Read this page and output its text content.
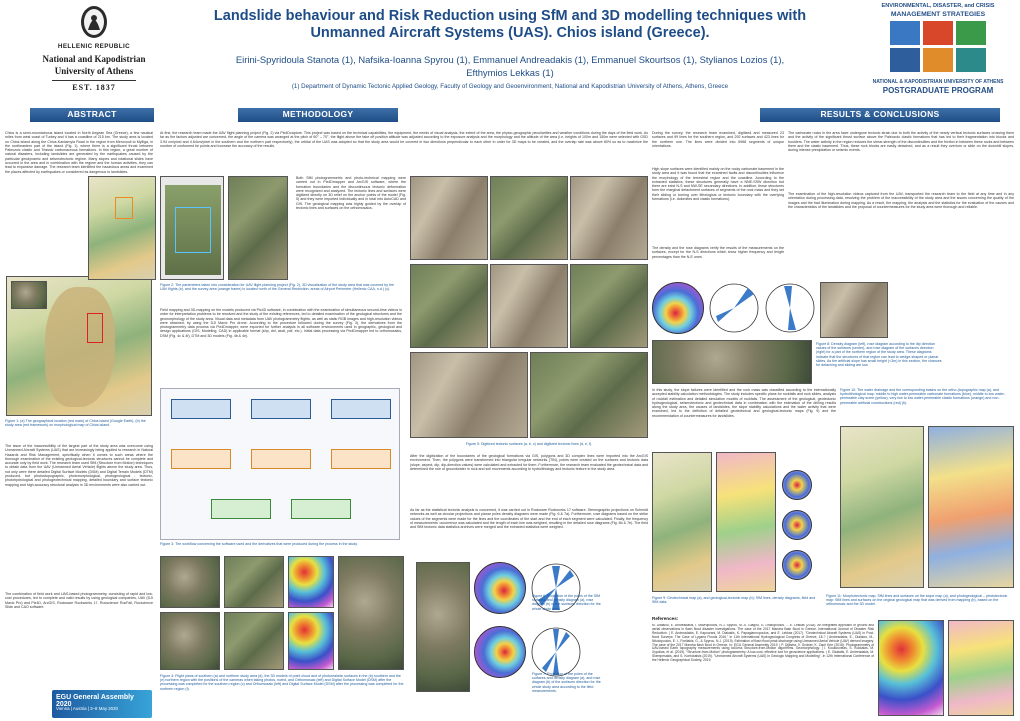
HELLENIC REPUBLIC
National and Kapodistrian
University of Athens
EST. 1837
Landslide behaviour and Risk Reduction using SfM and 3D modelling techniques with
Unmanned Aircraft Systems (UAS). Chios island (Greece).
Eirini-Spyridoula Stanota (1), Nafsika-Ioanna Spyrou (1), Emmanuel Andreadakis (1), Emmanuel Skourtsos (1), Stylianos Lozios (1),
Efthymios Lekkas (1)
(1) Department of Dynamic Tectonic Applied Geology, Faculty of Geology and Geoenvironment, National and Kapodistrian University of Athens, Athens, Greece
ENVIRONMENTAL, DISASTER, and CRISIS
MANAGEMENT STRATEGIES
NATIONAL & KAPODISTRIAN UNIVERSITY OF ATHENS
POSTGRADUATE PROGRAM
ABSTRACT	METHODOLOGY	RESULTS & CONCLUSIONS
Chios is a semi-mountainous island located in North Aegean Sea (Greece), a few nautical miles from west coast of Turkey and it has a coastline of 215 km. The study area is located on Chios island along the Chios-Kardamyla Road in the region from Merovouli to Mylliga, in the northeastern part of the island (Fig. 1), where there is a significant thrust between Paleozoic clastic and Triassic carbonaceous formations. In this region, a great number of natural disasters, including landslides are generated by the earthquakes caused by the particular geodynamic and seismotectonic regime. Many slopes and rotational slides have occurred in the area and in combination with the regime and the human activities, they can lead to expansive damage. The research team identified the hazardous areas and examined the places affected by earthquakes or considered as dangerous to landslides.
Figure 1: (a) The geographical location (red mark) of Chios island (Google Earth), (b) the study area (red framework) on morphological map of Chios island.
The issue of the inaccessibility of the largest part of the study area was overcome using Unmanned Aircraft Systems (UAS) that are increasingly being applied to research in Natural Hazards and Risk Management, specifically when it comes to such areas where the thorough examination of the existing geological-tectonic structures cannot be complete and accurate only by field work. The research team used SfM (Structure from Motion) techniques to obtain data from the UAV (Unmanned Aerial Vehicle) flights above the study area. Thus, not only were there detailed Digital Surface Models (DSM) and Digital Terrain Models (DTM) produced, but photostopographic, photomorphological, photogeological - tectonic, photohydrological and photogeotechnical mapping, detailed boundary and surface tectonic mapping and high-accuracy structural analysis in 3D environments were also carried out.
The combination of field work and UAS-based photogrammetry, consisting of rapid and low-cost procedures, led to complete and valid results by using geological companies, UAV (DJI Mavic Pro) and Pix4D, ArcGIS, Rockware Rockworks 17, Rocscience RocFall, Rocscience Slide and CAO software.
EGU General Assembly 2020
Vienna | Austria | 3–8 May 2020
At first, the research team made the UAV flight planning project (Fig. 2) via Pix4Dcapture. This project was based on the technical capabilities, the equipment, the needs of visual analysis, the extent of the area, the physio-geographic peculiarities and weather conditions during the days of the field work. As far as the factors adjusted are concerned, the angle of the camera was arranged at the pitch of 60° – 70°, the flight above the take off position altitude was adjusted according to the exposure analysis and the morphology and the altitude of the area (i.e. heights of 100m and 150m were selected with GSD 3.94 cm/pixel and 4.64cm/pixel in the southern and the northern part respectively), the orbital of the UAS was adopted so that the study area would be covered in two directions perpendicular to each other in order for 3D maps to be created, and the overlap rate was above 80% so as to maximize the number of conformed tie points and increase the accuracy of the results.
Figure 2: The parameters taken into consideration for UAV flight planning project (Fig. 2), 3D visualization of the study area that was covered by the UAV flights (b), and the survey area (orange frame) is located north of the General Restriction: areas of Airport Perimeter (Hellenic CAA, n.d.) (c).
Both SfM photogrammetric and photo-technical mapping were carried out in Pix4Dmapper and ArcGIS software, where the formation boundaries and the discontinuous tectonic deformation were recognized and analyzed. The tectonic lines and surfaces were digitized directly on 3D relief on the anchor points of the model (Fig. 5) and they were imported individually and in total into AutoCAD and GIS. The geological mapping was highly guided by the overlap of tectonic lines and surfaces on the orthomosaics.
Field mapping and 3D-mapping on the models produced via Pix4D software, in combination with the examination of simultaneous second-time videos in order for interpretation problems to be resolved and the study of the existing references, led to detailed examination of the geological structures and the geomorphology of the study area. Visual data and metadata from UAV photogrammetry flights, as well as static RGB images and high-resolution videos were obtained, by using the DJI Mavic Pro drone. According to the procedure followed during the survey (Fig. 3), the derivatives from the photogrammetry data process via Pix4Dmapper, were exported for further analysis in all software environments used in geographic, geological and design applications (GIS, Modeling, CAD) in applicable format (shp, dxf, ascii, pdf, etc.). Initial data processing via Pix4Dmapper led to orthomosaics, DSM (Fig. 4c & 4f), DTM and 3D models (Fig. 4b & 4e).
Figure 3: The workflow concerning the software used and the derivatives that were produced during the process in the study.
Figure 4: Flight plans of southern (a) and northern study area (d), the 3D models of point cloud and of photorealistic surfaces in the (b) southern and the (e) northern region with the positions of the cameras when taking photos, noted, and Orthomosaic (left) and Digital Surface Model (DSM) after the processing was completed for the southern region (c) and Orthomosaic (left) and Digital Surface Model (DSM) after the processing was completed for the northern region (f).
Figure 5: Digitized tectonic surfaces (a, b, c) and digitized tectonic lines (d, e, f).
After the digitization of the boundaries of the geological formations via GIS, polygons and 3D complex lines were imported into the ArcGIS environment. Then, the polygons were transformed into triangular irregular networks (TIN), points were created on the surfaces and tectonic data (slope, aspect, dip, dip-direction values) were calculated and extracted for them. Furthermore, the research team evaluated the geotechnical data and determined the role of groundwater in rock and soil movements according to hydrolithology and tectonic texture in the study area.
As far as the statistical tectonic analysis is concerned, it was carried out in Rockware Rockworks 17 software. Stereographic projections on Schmidt networks as well as circular projections and planar poles density diagrams were made (Fig. 6 & 7a). Furthermore, rose diagrams based on the strike values of the segments were made for the lines and the coordinates of the start and the end of each segment were calculated. Finally, the frequency of measurements' occurrence was calculated and the length of each line was weighed, resulting in the detailed rose diagrams (Fig. 6b & 7b). The field and SfM tectonic data statistics archives were merged and the extracted statistics were weighed.
Figure 6: Projection of the poles of the SfM surfaces and density diagram (a), rose diagram (b) of the surfaces direction for the whole study area.
Figure 7: Projection of the poles of the surfaces and density diagram (a), and rose diagram (b) of the surfaces direction for the whole study area according to the field measurements.
During the survey, the research team examined, digitized and measured 23 surfaces and 99 lines for the southern region, and 292 surfaces and 423 lines for the northern one. The lines were divided into 6968 segments of unique orientations.
High slope surfaces were identified mainly on the rocky carbonate basement in the study area and it was found that the examined faults and discontinuities influence the morphology of the terrestrial region and the coastline. According to the extracted statistics, these structures generally have a NNE-SSW direction but there are exist N-S and NW-SE secondary directions. In addition, these structures form the marginal detachment surfaces of segments of the rock mass and they set their sliding or turning over lithological or tectonic boundary with the overlying formations (i.e. dolomites and clastic formations).
The density and the rose diagrams verify the results of the measurements on the surfaces, except for the N-S directions which show higher frequency and length percentages than the N-E ones
The carbonate rocks in the area have undergone tectonic strain due to both the activity of the nearly vertical tectonic surfaces crossing them and the activity of the significant thrust surface above the Paleozoic clastic formations that has led to their fragmentation into blocks and boulders. The water activity in the region reduces the shear-strength of the discontinuities and the friction in between these rocks and between them and the clastic basement. Thus, these rock blocks are easily detached, and as a result they overturn or slide on the downhill slopes, during intense precipitation or seismic events.
The examination of the high-resolution videos captured from the UAV, transported the research team to the field at any time and in any orientation during processing data, resolving the problem of the inaccessibility of the study area and the issues concerning the quality of the images and the bad illumination during mapping. As a result, the mapping, the analysis and the statistics for the evaluation of the causes and the characteristics of the landslides and the proposal of countermeasures for the study area were thorough and reliable.
Figure 8: Density diagram (left), rose diagram according to the dip direction values of the surfaces (center), and rose diagram of the surfaces direction (right) for a part of the northern region of the study area. These diagrams indicate that the structures of that region can lead to wedge-shaped or planar slides. As the artificial slope has small height (<3m) in this section, the chances for detaching and sliding are low.
In this study, the slope failures were identified and the rock mass was classified according to the internationally accepted stability calculation methodologies. The study includes specific plans for rockfalls and rock slides, analysis of rockfall estimation and detailed simulation models of rockfalls. The assessment of the geological, geotectonic hydrogeological, seismotectonic and geotechnical data in combination with the estimation of the drilling results along the study area, the causes of landslides, the slope stability calculations and the water activity that were examined, led to the definition of detailed geotechnical and geological-tectonic maps (Fig. 9) and the recommendation of countermeasures for landslides.
Figure 9: Geotechnical map (a), and geological-tectonic map (b); SfM lines, density diagrams, field and SfM data.
Figure 10: The water drainage and the corresponding basins on the ortho-(topographic map (a), and hydrolithological map: middle to high water-permeable carbonate formations (blue), middle to low water-permeable clay scree (yellow), very low to low water-permeable clastic formations (orange) and non-permeable artificial constructions (red) (b).
Figure 11: Morphotectonic map, SfM lines and surfaces on the slope map (a), and photogeological – phototectonic map: SfM lines and surfaces on the original geological map that was derived from mapping (b), based on the orthomosaic and the 3D model.
References:
M. Dialaiou, E. Andreadakis, I. Mavropoulos, N.-I. Spyrou, M.-S. Giagou, G. Drakopoulos, ... E. Lekkas (2018). An integrated approach of ground and aerial observations in flash flood disaster investigations. The case of the 2017 Mandra flash flood in Greece. International Journal of Disaster Risk Reduction. | E. Andreadakis, E. Kapourani, M. Diakakis, K. Papagiannopoulos, and E. Lekkas (2017). "Geotechnical Aircraft Systems (UAS) in Post-flood Surveys: The Case of Lygaria Floods 2016," in 11th International Hydrogeological Congress of Greece, 18-? | Andreadakis, E., Dialaiou, M., Nikolopoulos, E. I., Foeliakis, G., & Spyrou, N.-I. (2019). Estimation of flash flood peak discharge using Unmanned Aerial Vehicle (UAV) derived imagery. The case of the 2017 Mandra flash flood in Greece. In: EGU General Assembly 2019. | P. Dijkstra, V. Grobier, K. Zach Kerr (2018). Photogrammetry of UAV-based Earth topography measurements using tall-less Structure-from-Motion algorithms. Geomorphology. | I. Koukouvelas, S. Kokkalas, M. Xypolias, et al. (2019). "Structure-from-Motion" photogrammetry: A low-cost, effective tool for geoscience applications. | E. Gkatatis, E. Andreadakis, M. Skempesakis, and S. Kontokatsis (2019). "Unmanned Aircraft Systems (UAS) in Geologic Mapping and Modelling". In 12th International Conference of the Hellenic Geographical Society, 2019.
